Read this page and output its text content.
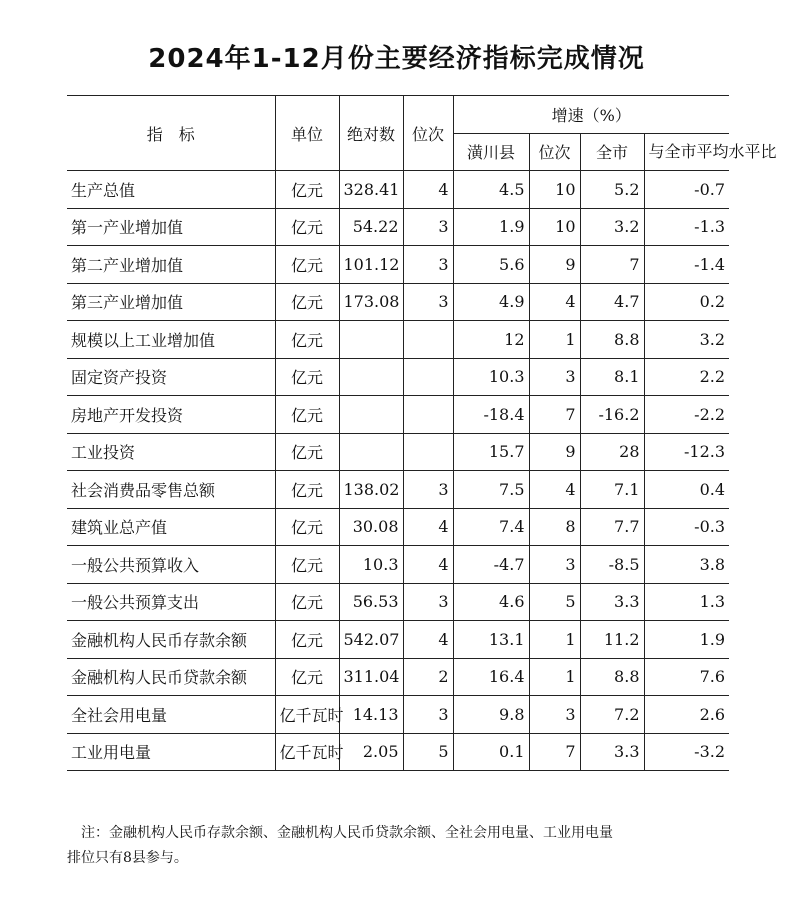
2024年1-12月份主要经济指标完成情况
指　标	单位	绝对数	位次	增速（%）			
				潢川县	位次	全市	与全市平均水平比
生产总值	亿元	328.41	4	4.5	10	5.2	-0.7
第一产业增加值	亿元	54.22	3	1.9	10	3.2	-1.3
第二产业增加值	亿元	101.12	3	5.6	9	7	-1.4
第三产业增加值	亿元	173.08	3	4.9	4	4.7	0.2
规模以上工业增加值	亿元			12	1	8.8	3.2
固定资产投资	亿元			10.3	3	8.1	2.2
房地产开发投资	亿元			-18.4	7	-16.2	-2.2
工业投资	亿元			15.7	9	28	-12.3
社会消费品零售总额	亿元	138.02	3	7.5	4	7.1	0.4
建筑业总产值	亿元	30.08	4	7.4	8	7.7	-0.3
一般公共预算收入	亿元	10.3	4	-4.7	3	-8.5	3.8
一般公共预算支出	亿元	56.53	3	4.6	5	3.3	1.3
金融机构人民币存款余额	亿元	542.07	4	13.1	1	11.2	1.9
金融机构人民币贷款余额	亿元	311.04	2	16.4	1	8.8	7.6
全社会用电量	亿千瓦时	14.13	3	9.8	3	7.2	2.6
工业用电量	亿千瓦时	2.05	5	0.1	7	3.3	-3.2
注：金融机构人民币存款余额、金融机构人民币贷款余额、全社会用电量、工业用电量
排位只有8县参与。
